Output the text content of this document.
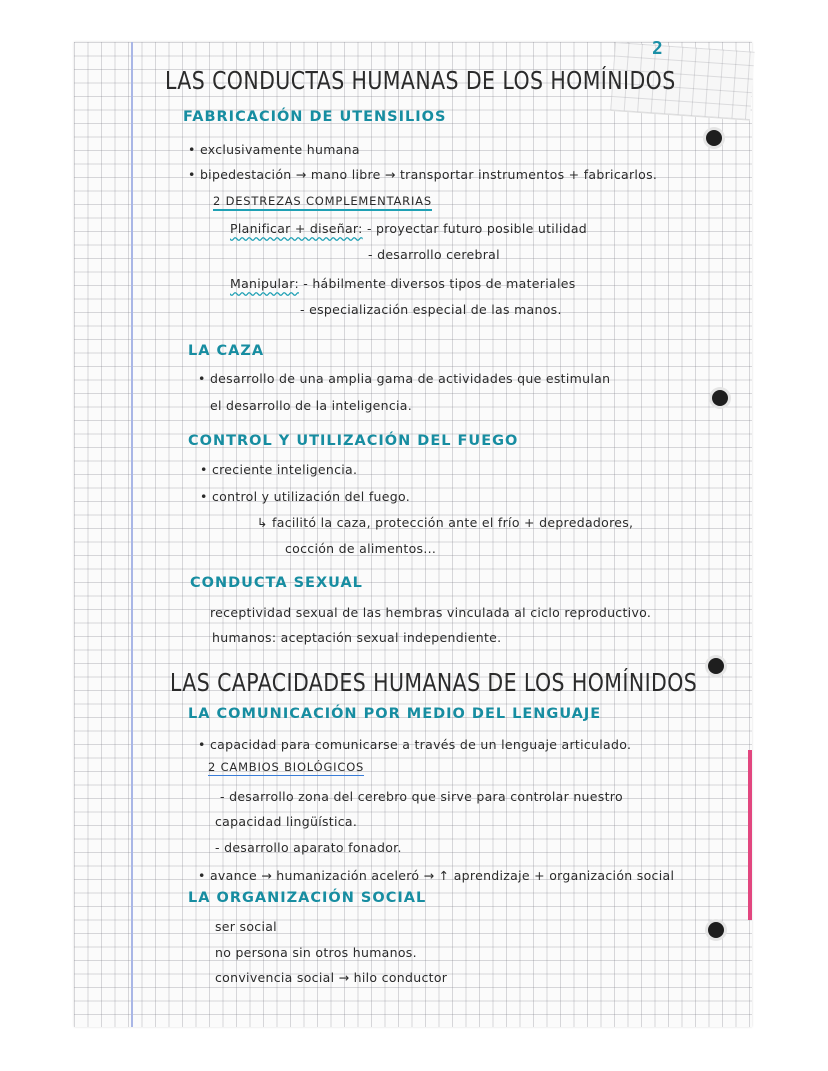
2
LAS CONDUCTAS HUMANAS DE LOS HOMÍNIDOS
FABRICACIÓN DE UTENSILIOS
• exclusivamente humana
• bipedestación → mano libre → transportar instrumentos + fabricarlos.
2 DESTREZAS COMPLEMENTARIAS
Planificar + diseñar: - proyectar futuro posible utilidad
- desarrollo cerebral
Manipular: - hábilmente diversos tipos de materiales
- especialización especial de las manos.
LA CAZA
• desarrollo de una amplia gama de actividades que estimulan
el desarrollo de la inteligencia.
CONTROL Y UTILIZACIÓN DEL FUEGO
• creciente inteligencia.
• control y utilización del fuego.
↳ facilitó la caza, protección ante el frío + depredadores,
cocción de alimentos...
CONDUCTA SEXUAL
receptividad sexual de las hembras vinculada al ciclo reproductivo.
humanos: aceptación sexual independiente.
LAS CAPACIDADES HUMANAS DE LOS HOMÍNIDOS
LA COMUNICACIÓN POR MEDIO DEL LENGUAJE
• capacidad para comunicarse a través de un lenguaje articulado.
2 CAMBIOS BIOLÓGICOS
- desarrollo zona del cerebro que sirve para controlar nuestro
capacidad lingüística.
- desarrollo aparato fonador.
• avance → humanización aceleró → ↑ aprendizaje + organización social
LA ORGANIZACIÓN SOCIAL
ser social
no persona sin otros humanos.
convivencia social → hilo conductor
